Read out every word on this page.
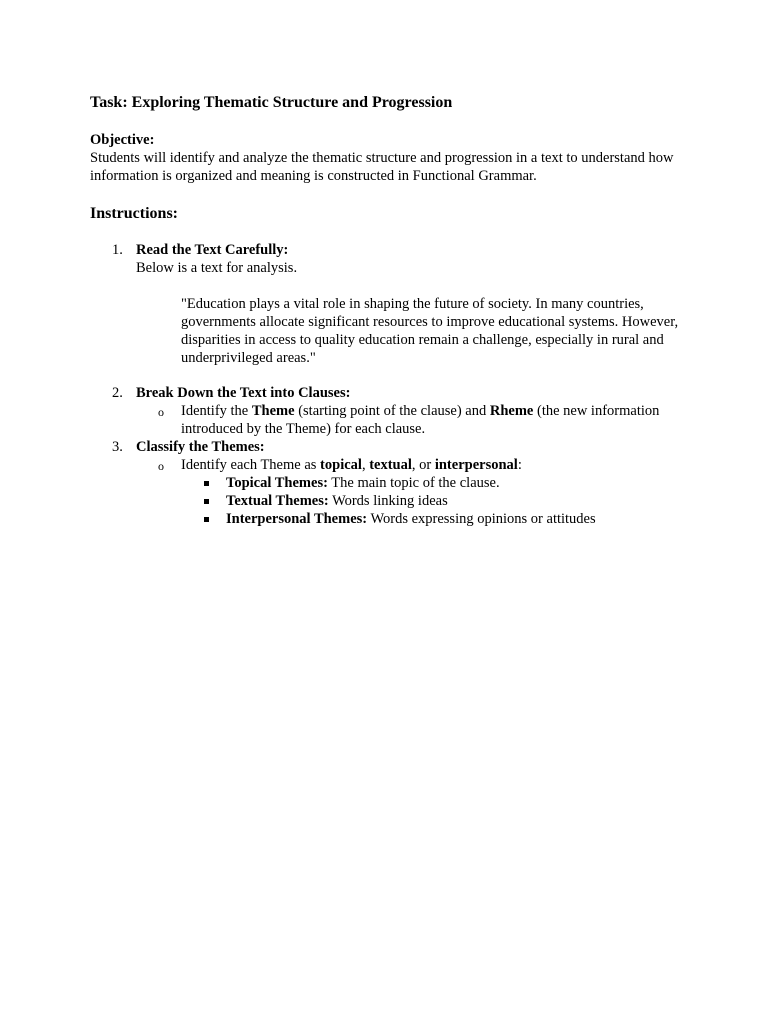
Task: Exploring Thematic Structure and Progression
Objective:

Students will identify and analyze the thematic structure and progression in a text to understand how information is organized and meaning is constructed in Functional Grammar.

Instructions:
1. Read the Text Carefully:
Below is a text for analysis.

"Education plays a vital role in shaping the future of society. In many countries, governments allocate significant resources to improve educational systems. However, disparities in access to quality education remain a challenge, especially in rural and underprivileged areas."

2. Break Down the Text into Clauses:
o Identify the Theme (starting point of the clause) and Rheme (the new information
introduced by the Theme) for each clause.
3. Classify the Themes:
o Identify each Theme as topical, textual, or interpersonal:
Topical Themes: The main topic of the clause.
Textual Themes: Words linking ideas
Interpersonal Themes: Words expressing opinions or attitudes
